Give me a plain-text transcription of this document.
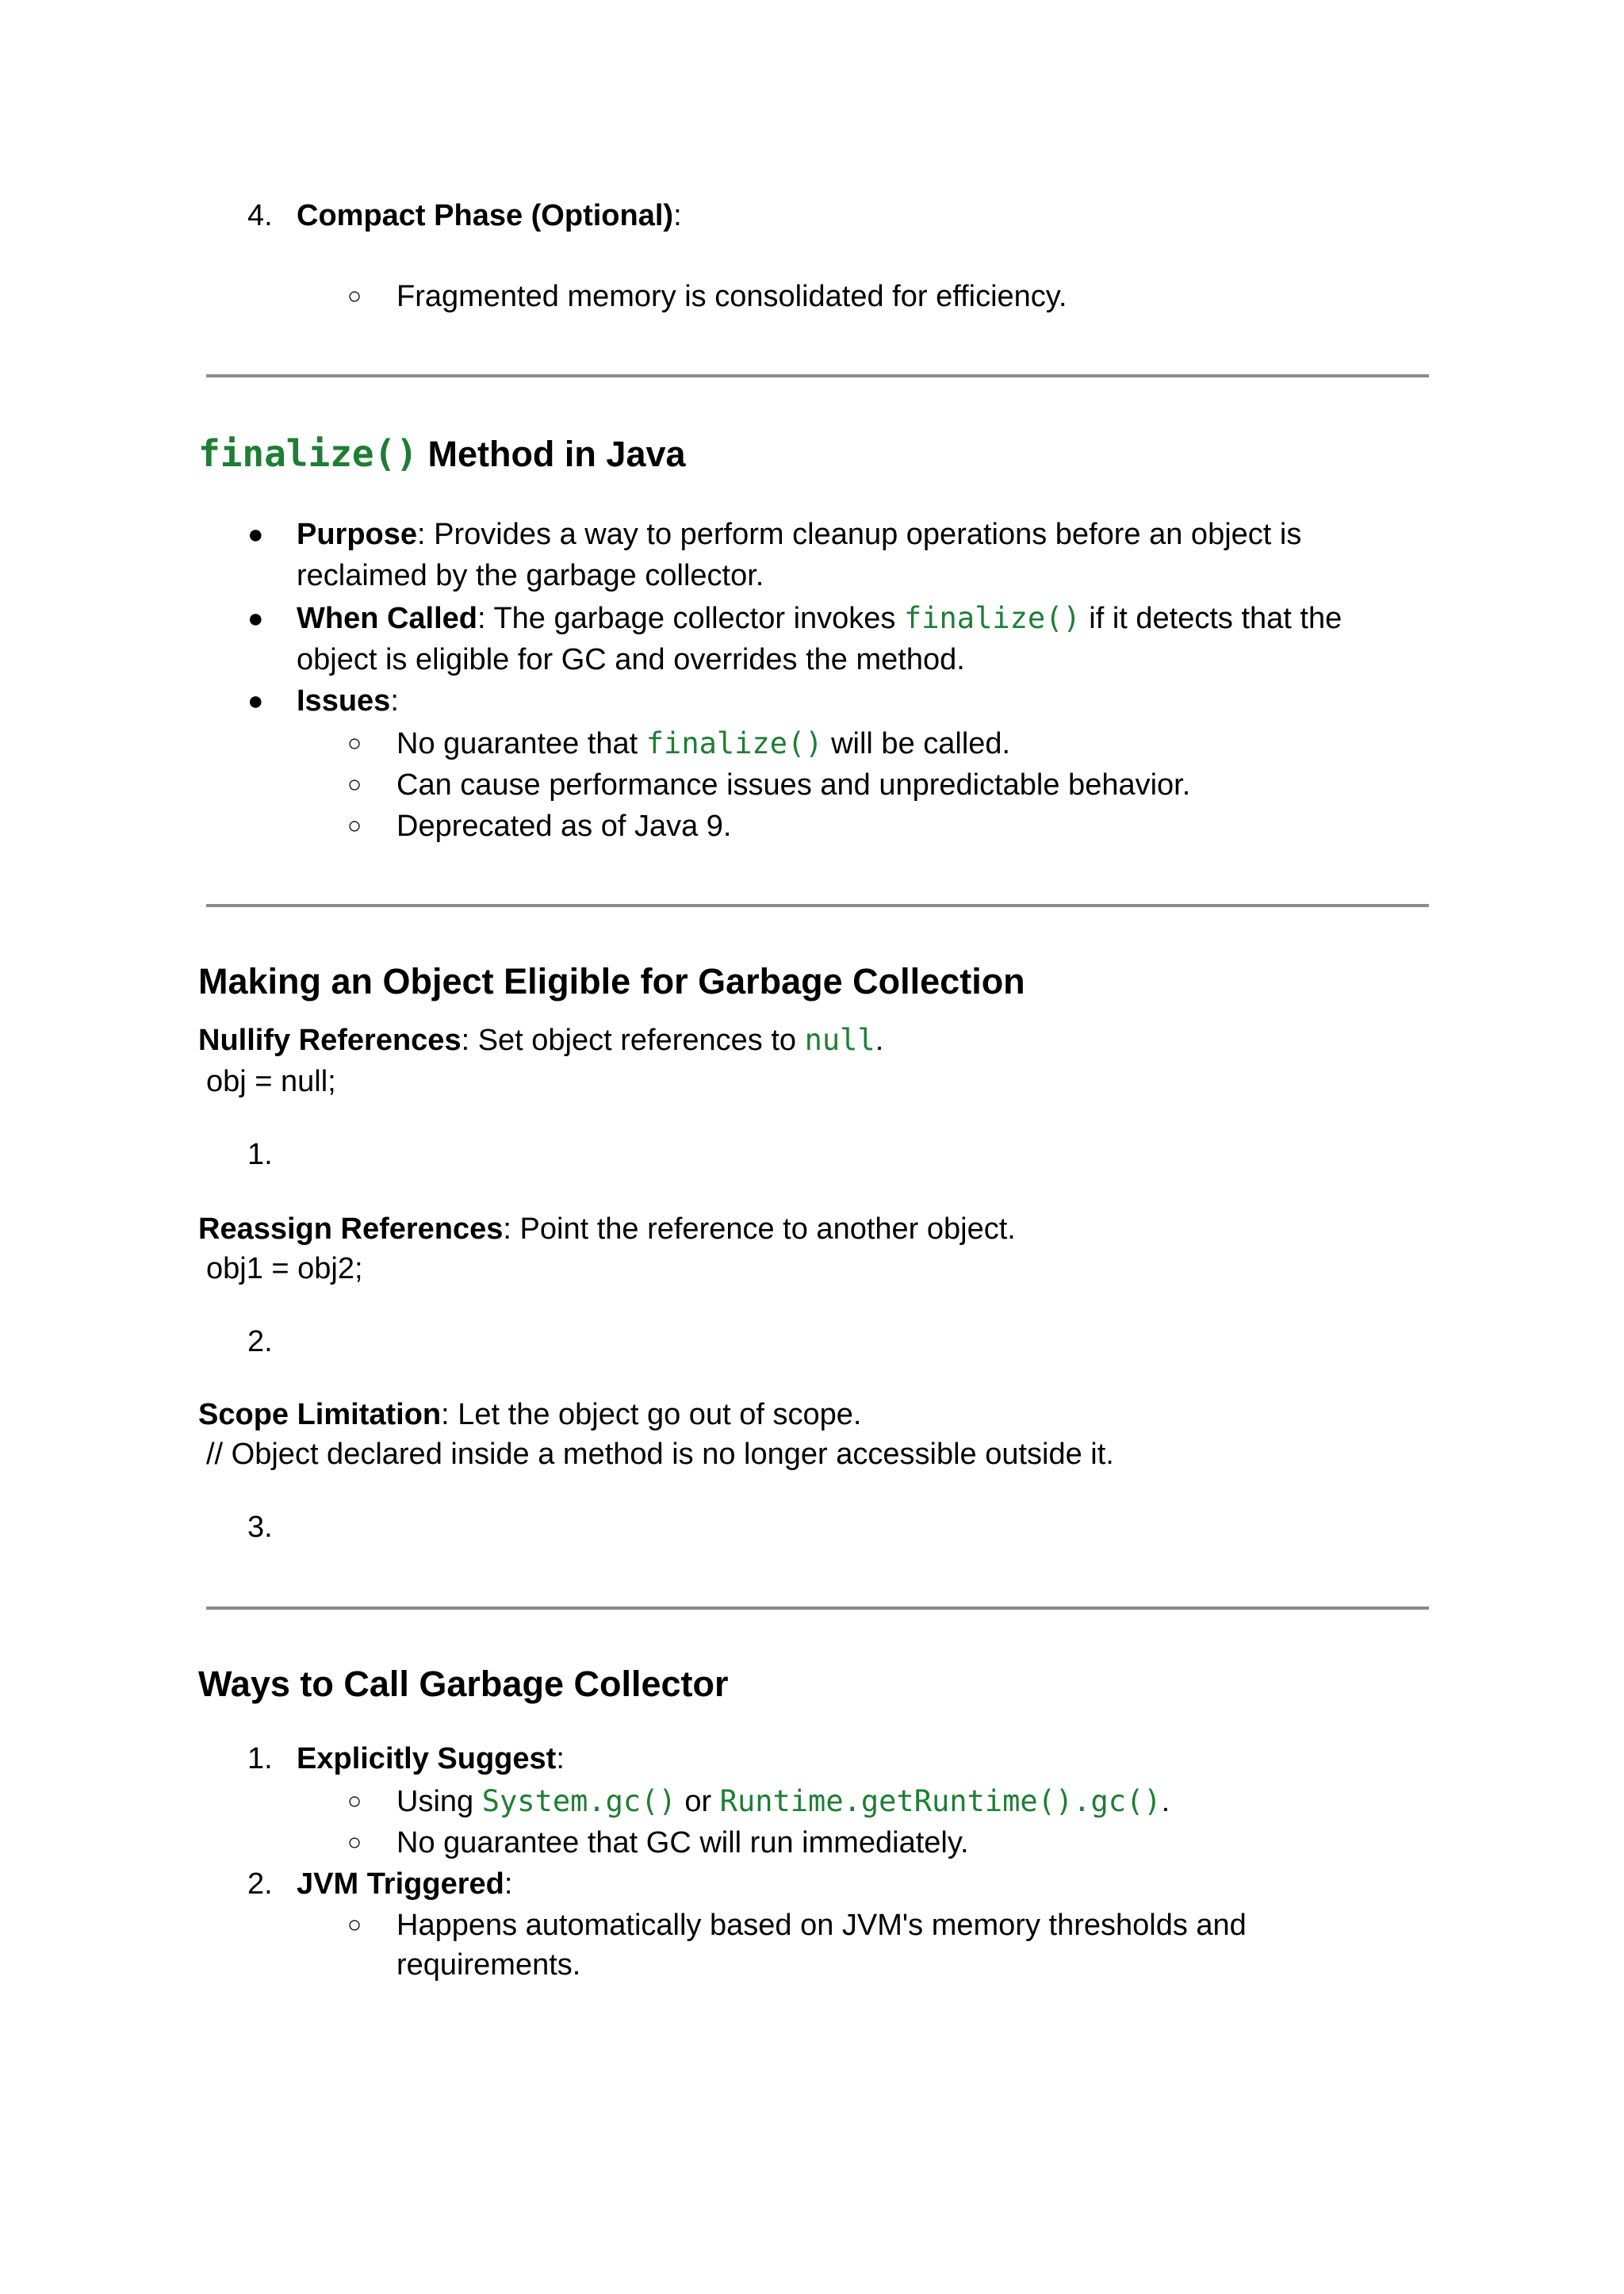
4. Compact Phase (Optional):
○ Fragmented memory is consolidated for efficiency.
finalize() Method in Java
● Purpose: Provides a way to perform cleanup operations before an object is
reclaimed by the garbage collector.
● When Called: The garbage collector invokes finalize() if it detects that the
object is eligible for GC and overrides the method.
● Issues:
○ No guarantee that finalize() will be called.
○ Can cause performance issues and unpredictable behavior.
○ Deprecated as of Java 9.
Making an Object Eligible for Garbage Collection
Nullify References: Set object references to null.
obj = null;
1.
Reassign References: Point the reference to another object.
obj1 = obj2;
2.
Scope Limitation: Let the object go out of scope.
// Object declared inside a method is no longer accessible outside it.
3.
Ways to Call Garbage Collector
1. Explicitly Suggest:
○ Using System.gc() or Runtime.getRuntime().gc().
○ No guarantee that GC will run immediately.
2. JVM Triggered:
○ Happens automatically based on JVM's memory thresholds and
requirements.
